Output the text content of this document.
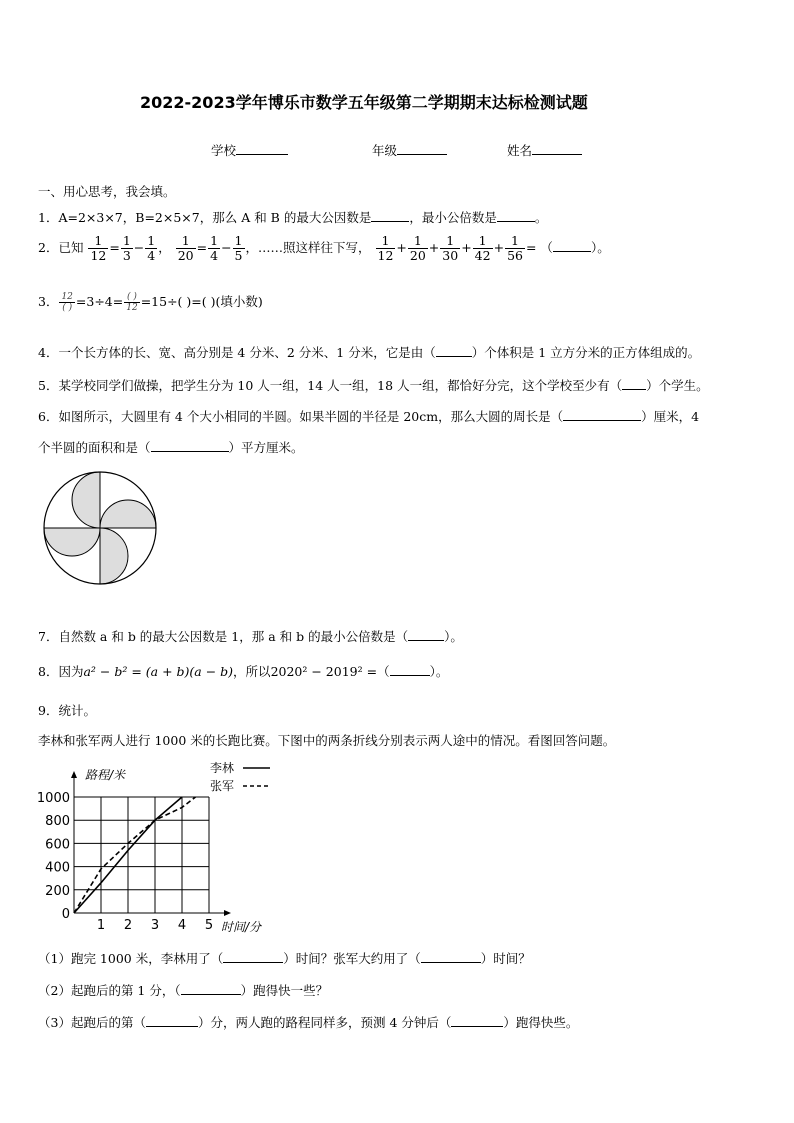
2022-2023学年博乐市数学五年级第二学期期末达标检测试题
学校	年级	姓名
一、用心思考，我会填。
1．A=2×3×7，B=2×5×7，那么 A 和 B 的最大公因数是	，最小公倍数是	。
2．已知 $\frac{1}{12} = \frac{1}{3} - \frac{1}{4}$ ， $\frac{1}{20} = \frac{1}{4} - \frac{1}{5}$ ，……照这样往下写， $\frac{1}{12} + \frac{1}{20} + \frac{1}{30} + \frac{1}{42} + \frac{1}{56}$ = （	）。
3． $\frac{12}{( )} =3\div 4= \frac{( )}{12} =15\div$( )=( )(填小数)
4．一个长方体的长、宽、高分别是 4 分米、2 分米、1 分米，它是由（	）个体积是 1 立方分米的正方体组成的。
5．某学校同学们做操，把学生分为 10 人一组，14 人一组，18 人一组，都恰好分完，这个学校至少有（ ）个学生。
6．如图所示，大圆里有 4 个大小相同的半圆。如果半圆的半径是 20cm，那么大圆的周长是（	）厘米，4
个半圆的面积和是（	）平方厘米。
7．自然数 a 和 b 的最大公因数是 1，那 a 和 b 的最小公倍数是（	）。
8．因为a² − b² = (a + b)(a − b)，所以2020² − 2019² =（	）。
9．统计。
李林和张军两人进行 1000 米的长跑比赛。下图中的两条折线分别表示两人途中的情况。看图回答问题。
路程/米
时间/分
1 2 3 4 5
0
200
400
600
800
1000
李林
张军
（1）跑完 1000 米，李林用了（	）时间？张军大约用了（	）时间？
（2）起跑后的第 1 分，（	）跑得快一些？
（3）起跑后的第（	）分，两人跑的路程同样多，预测 4 分钟后（	）跑得快些。
